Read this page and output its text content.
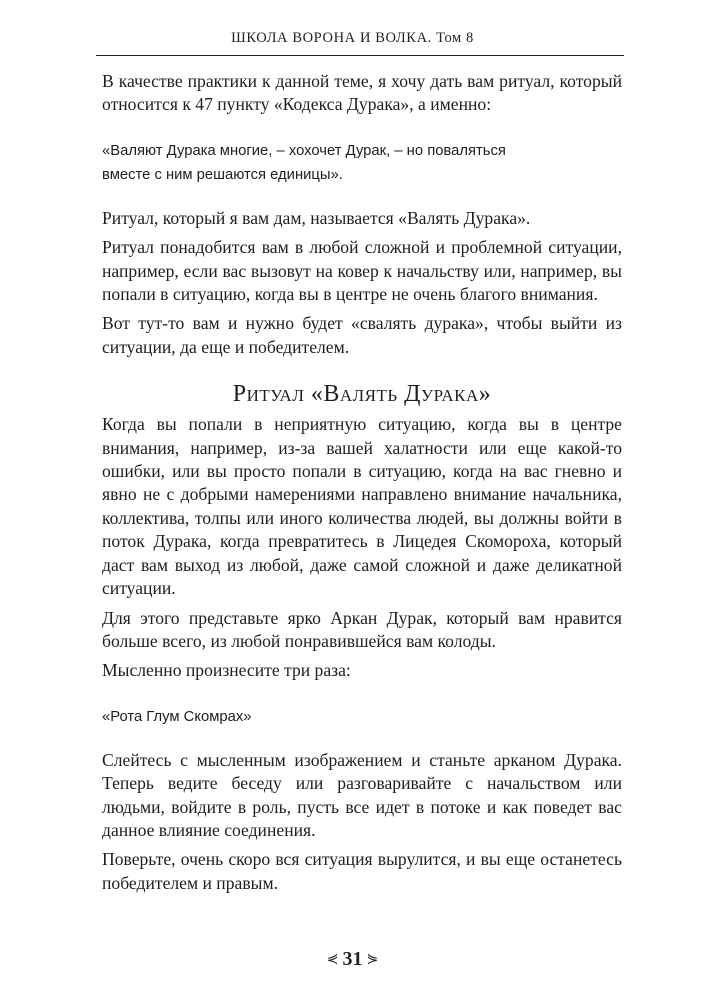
ШКОЛА ВОРОНА И ВОЛКА. Том 8

В качестве практики к данной теме, я хочу дать вам ритуал, который относится к 47 пункту «Кодекса Дурака», а именно:

«Валяют Дурака многие, – хохочет Дурак, – но поваляться

вместе с ним решаются единицы».

Ритуал, который я вам дам, называется «Валять Дурака».

Ритуал понадобится вам в любой сложной и проблемной ситуации, например, если вас вызовут на ковер к начальству или, например, вы попали в ситуацию, когда вы в центре не очень благого внимания.

Вот тут-то вам и нужно будет «свалять дурака», чтобы выйти из ситуации, да еще и победителем.

Ритуал «Валять Дурака»

Когда вы попали в неприятную ситуацию, когда вы в центре внимания, например, из-за вашей халатности или еще какой-то ошибки, или вы просто попали в ситуацию, когда на вас гневно и явно не с добрыми намерениями направлено внимание начальника, коллектива, толпы или иного количества людей, вы должны войти в поток Дурака, когда превратитесь в Лицедея Скомороха, который даст вам выход из любой, даже самой сложной и даже деликатной ситуации.

Для этого представьте ярко Аркан Дурак, который вам нравится больше всего, из любой понравившейся вам колоды.

Мысленно произнесите три раза:

«Рота Глум Скомрах»

Слейтесь с мысленным изображением и станьте арканом Дурака. Теперь ведите беседу или разговаривайте с начальством или людьми, войдите в роль, пусть все идет в потоке и как поведет вас данное влияние соединения.

Поверьте, очень скоро вся ситуация вырулится, и вы еще останетесь победителем и правым.

⋞ 31 ⋟
